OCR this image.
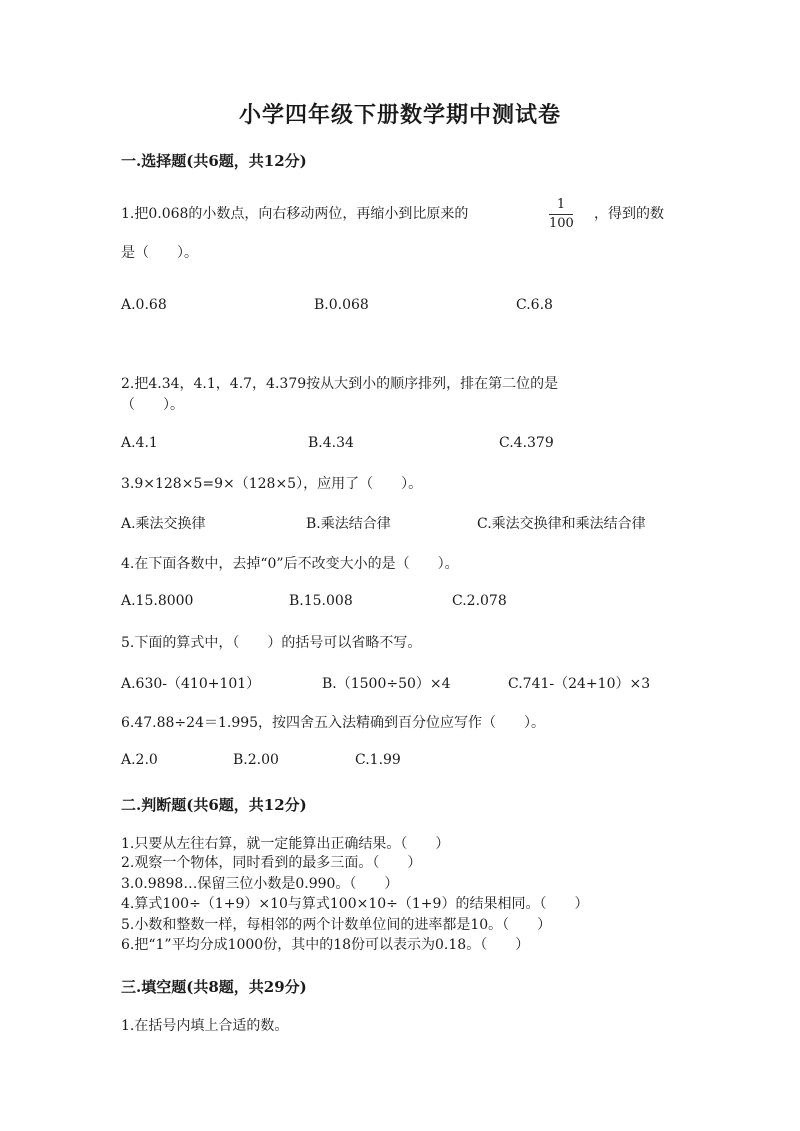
小学四年级下册数学期中测试卷
一.选择题(共6题，共12分)
1.把0.068的小数点，向右移动两位，再缩小到比原来的
1
100
，得到的数
是（　　）。
A.0.68	B.0.068	C.6.8
2.把4.34，4.1，4.7，4.379按从大到小的顺序排列，排在第二位的是
（　　）。
A.4.1	B.4.34	C.4.379
3.9×128×5=9×（128×5），应用了（　　）。
A.乘法交换律	B.乘法结合律	C.乘法交换律和乘法结合律
4.在下面各数中，去掉“0”后不改变大小的是（　　）。
A.15.8000	B.15.008	C.2.078
5.下面的算式中，（　　）的括号可以省略不写。
A.630-（410+101）	B.（1500÷50）×4	C.741-（24+10）×3
6.47.88÷24＝1.995，按四舍五入法精确到百分位应写作（　　）。
A.2.0	B.2.00	C.1.99
二.判断题(共6题，共12分)
1.只要从左往右算，就一定能算出正确结果。（　　）
2.观察一个物体，同时看到的最多三面。（　　）
3.0.9898…保留三位小数是0.990。（　　）
4.算式100÷（1+9）×10与算式100×10÷（1+9）的结果相同。（　　）
5.小数和整数一样，每相邻的两个计数单位间的进率都是10。（　　）
6.把“1”平均分成1000份，其中的18份可以表示为0.18。（　　）
三.填空题(共8题，共29分)
1.在括号内填上合适的数。
